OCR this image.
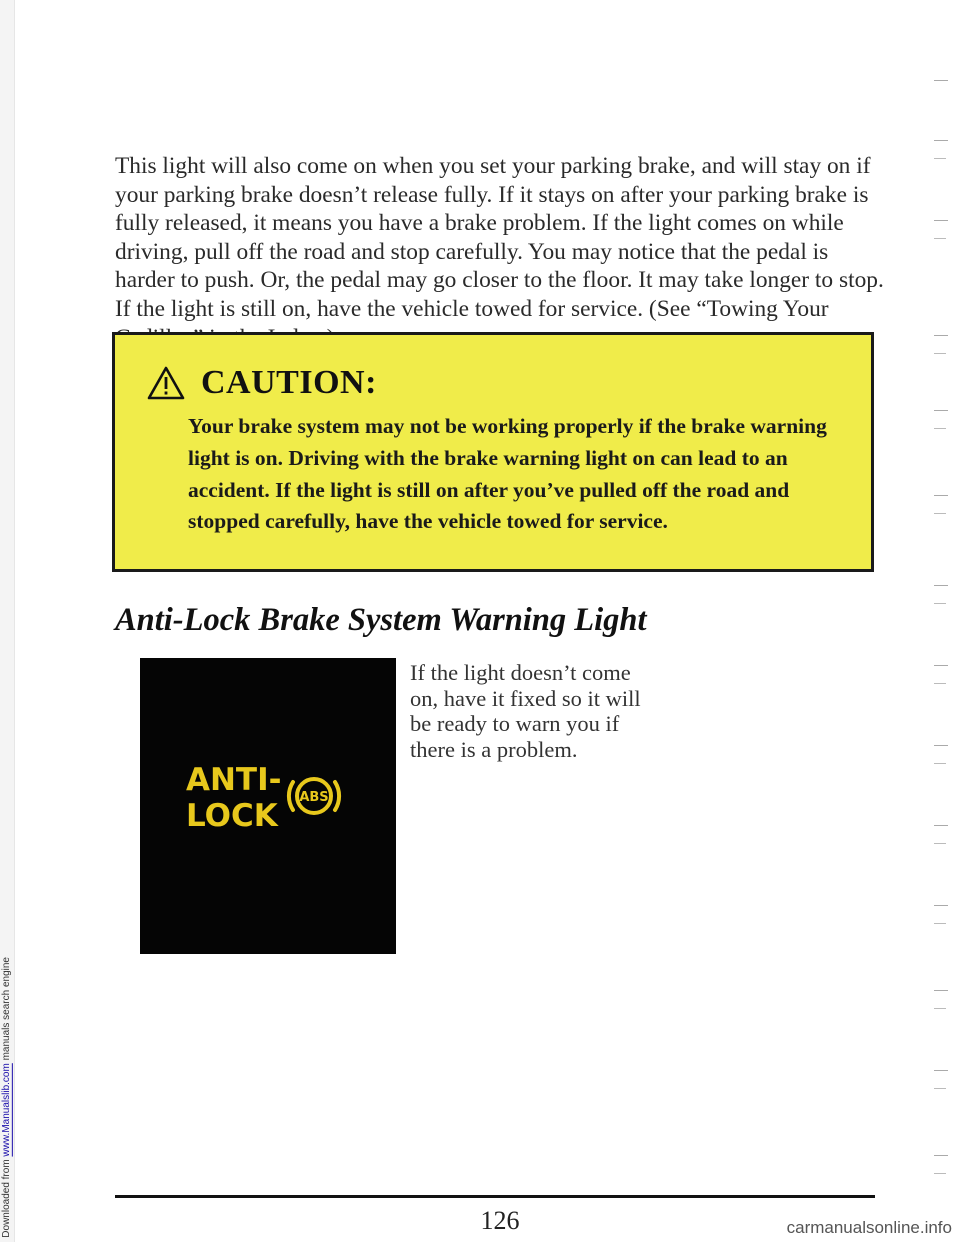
Downloaded from www.Manualslib.com manuals search engine

This light will also come on when you set your parking brake, and will stay on if your parking brake doesn’t release fully. If it stays on after your parking brake is fully released, it means you have a brake problem. If the light comes on while driving, pull off the road and stop carefully. You may notice that the pedal is harder to push. Or, the pedal may go closer to the floor. It may take longer to stop. If the light is still on, have the vehicle towed for service. (See “Towing Your

CAUTION:

Your brake system may not be working properly if the brake warning light is on. Driving with the brake warning light on can lead to an accident. If the light is still on after you’ve pulled off the road and stopped carefully, have the vehicle towed for service.

Anti-Lock Brake System Warning Light
ANTI-
LOCK
ABS

If the light doesn’t come on, have it fixed so it will be ready to warn you if there is a problem.

126	carmanualsonline.info
